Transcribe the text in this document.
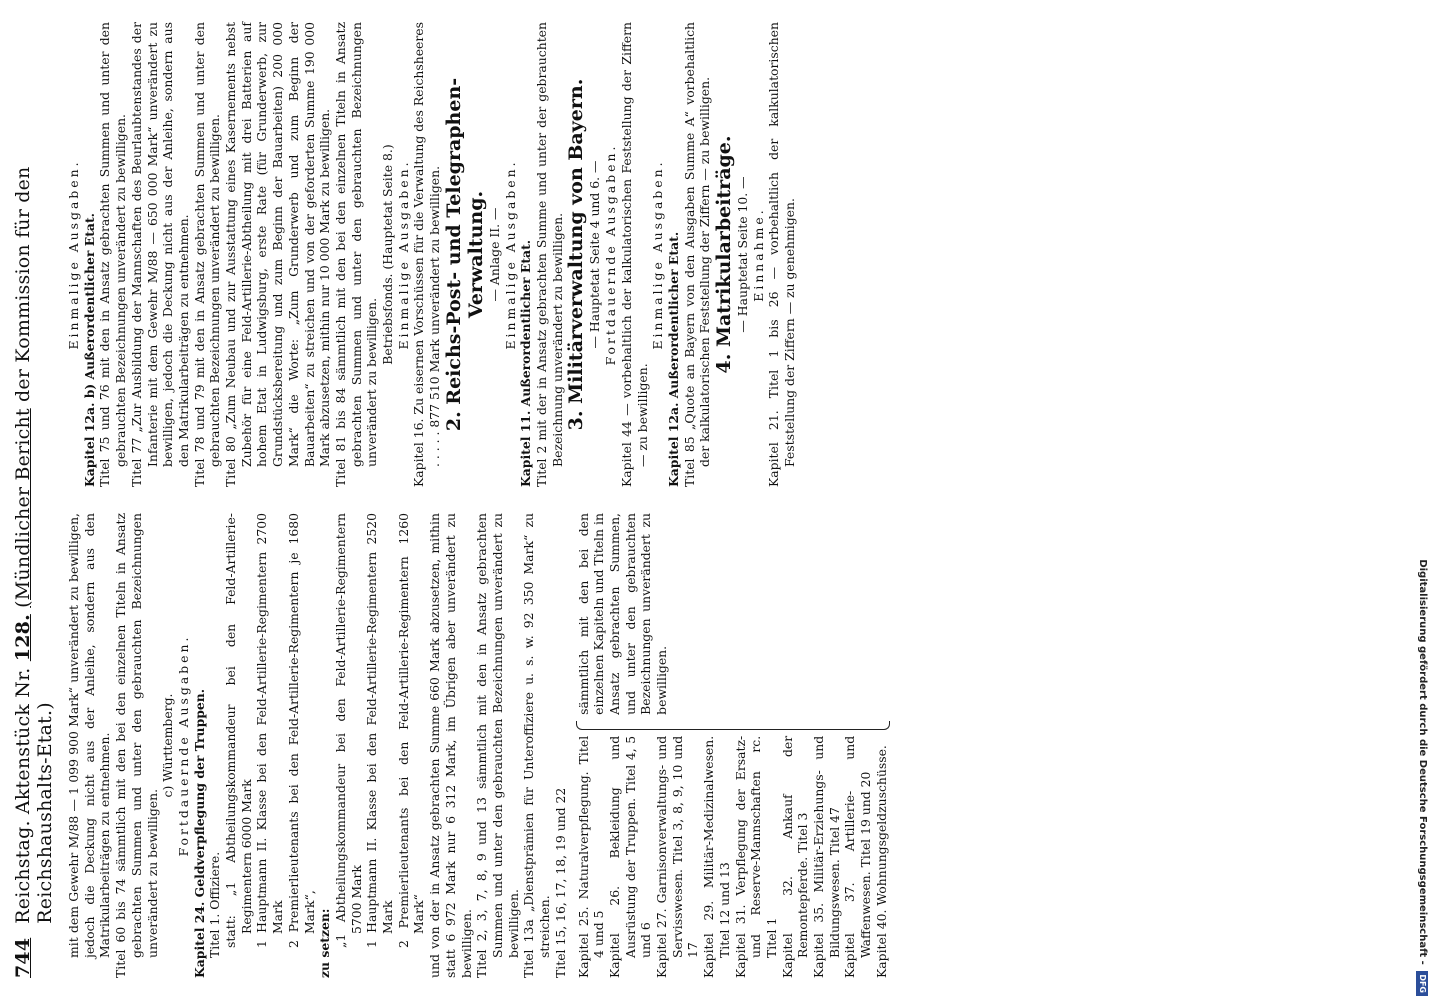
744
Reichstag. Aktenstück Nr. 128. (Mündlicher Bericht der Kommission für den Reichshaushalts-Etat.) mit dem Gewehr M/88 — 1 099 900 Mark“ unverändert zu bewilligen, jedoch die Deckung nicht aus der Anleihe, sondern aus den Matrikularbeiträgen zu entnehmen. Titel 60 bis 74 sämmtlich mit den bei den einzelnen Titeln in Ansatz gebrachten Summen und unter den gebrauchten Bezeichnungen unverändert zu bewilligen.

c) Württemberg. Fortdauernde Ausgaben. Kapitel 24. Geldverpflegung der Truppen. Titel 1. Offiziere. statt: „1 Abtheilungskommandeur bei den Feld-Artillerie-Regimentern 6000 Mark 1 Hauptmann II. Klasse bei den Feld-Artillerie-Regimentern 2700 Mark 2 Premierlieutenants bei den Feld-Artillerie-Regimentern je 1680 Mark“, zu setzen: „1 Abtheilungskommandeur bei den Feld-Artillerie-Regimentern 5700 Mark 1 Hauptmann II. Klasse bei den Feld-Artillerie-Regimentern 2520 Mark 2 Premierlieutenants bei den Feld-Artillerie-Regimentern 1260 Mark“ und von der in Ansatz gebrachten Summe 660 Mark abzusetzen, mithin statt 6 972 Mark nur 6 312 Mark, im Übrigen aber unverändert zu bewilligen. Titel 2, 3, 7, 8, 9 und 13 sämmtlich mit den in Ansatz gebrachten Summen und unter den gebrauchten Bezeichnungen unverändert zu bewilligen. Titel 13a „Dienstprämien für Unteroffiziere u. s. w. 92 350 Mark“ zu streichen. Titel 15, 16, 17, 18, 19 und 22 Kapitel 25. Naturalverpflegung. Titel 4 und 5 Kapitel 26. Bekleidung und Ausrüstung der Truppen. Titel 4, 5 und 6 Kapitel 27. Garnisonverwaltungs- und Servisswesen. Titel 3, 8, 9, 10 und 17 Kapitel 29. Militär-Medizinalwesen. Titel 12 und 13 Kapitel 31. Verpflegung der Ersatz- und Reserve-Mannschaften rc. Titel 1 Kapitel 32. Ankauf der Remontepferde. Titel 3 Kapitel 35. Militär-Erziehungs- und Bildungswesen. Titel 47 Kapitel 37. Artillerie- und Waffenwesen. Titel 19 und 20 Kapitel 40. Wohnungsgeldzuschüsse.

sämmtlich mit den bei den einzelnen Kapiteln und Titeln in Ansatz gebrachten Summen, und unter den gebrauchten Bezeichnungen unverändert zu bewilligen.

Einmalige Ausgaben. Kapitel 12a. b) Außerordentlicher Etat. Titel 75 und 76 mit den in Ansatz gebrachten Summen und unter den gebrauchten Bezeichnungen unverändert zu bewilligen. Titel 77 „Zur Ausbildung der Mannschaften des Beurlaubtenstandes der Infanterie mit dem Gewehr M/88 — 650 000 Mark“ unverändert zu bewilligen, jedoch die Deckung nicht aus der Anleihe, sondern aus den Matrikularbeiträgen zu entnehmen. Titel 78 und 79 mit den in Ansatz gebrachten Summen und unter den gebrauchten Bezeichnungen unverändert zu bewilligen. Titel 80 „Zum Neubau und zur Ausstattung eines Kasernements nebst Zubehör für eine Feld-Artillerie-Abtheilung mit drei Batterien auf hohem Etat in Ludwigsburg, erste Rate (für Grunderwerb, zur Grundstücksbereitung und zum Beginn der Bauarbeiten) 200 000 Mark“ die Worte: „Zum Grunderwerb und zum Beginn der Bauarbeiten“ zu streichen und von der geforderten Summe 190 000 Mark abzusetzen, mithin nur 10 000 Mark zu bewilligen. Titel 81 bis 84 sämmtlich mit den bei den einzelnen Titeln in Ansatz gebrachten Summen und unter den gebrauchten Bezeichnungen unverändert zu bewilligen.

Betriebsfonds. (Hauptetat Seite 8.) Einmalige Ausgaben. Kapitel 16. Zu eisernen Vorschüssen für die Verwaltung des Reichsheeres . . . . . 877 510 Mark unverändert zu bewilligen. 2. Reichs-Post- und Telegraphen-Verwaltung. — Anlage II. — Einmalige Ausgaben. Kapitel 11. Außerordentlicher Etat. Titel 2 mit der in Ansatz gebrachten Summe und unter der gebrauchten Bezeichnung unverändert zu bewilligen. 3. Militärverwaltung von Bayern. — Hauptetat Seite 4 und 6. — Fortdauernde Ausgaben. Kapitel 44 — vorbehaltlich der kalkulatorischen Feststellung der Ziffern — zu bewilligen.

Einmalige Ausgaben. Kapitel 12a. Außerordentlicher Etat. Titel 85 „Quote an Bayern von den Ausgaben Summe A“ vorbehaltlich der kalkulatorischen Feststellung der Ziffern — zu bewilligen. 4. Matrikularbeiträge. — Hauptetat Seite 10. — Einnahme. Kapitel 21. Titel 1 bis 26 — vorbehaltlich der kalkulatorischen Feststellung der Ziffern — zu genehmigen.

Digitalisierung gefördert durch die Deutsche Forschungsgemeinschaft - DFG
